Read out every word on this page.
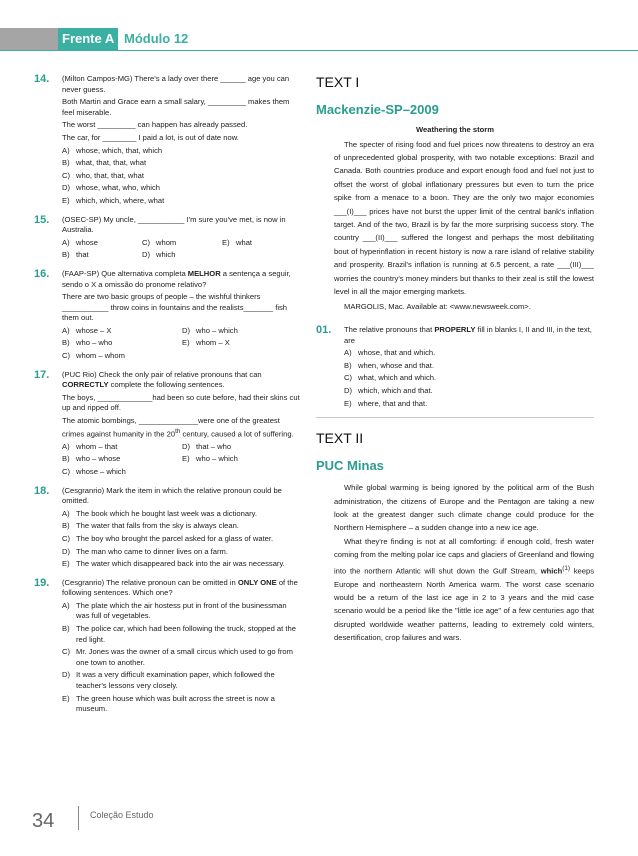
Frente A Módulo 12
14.	(Milton Campos-MG) There's a lady over there ______ age you can never guess.

Both Martin and Grace earn a small salary, _________ makes them feel miserable.

The worst _________ can happen has already passed.

The car, for ________ I paid a lot, is out of date now.

A) whose, which, that, which
B) what, that, that, what
C) who, that, that, what
D) whose, what, who, which
E) which, which, where, what
15.	(OSEC-SP) My uncle, ___________ I'm sure you've met, is now in Australia.

A) whose	C) whom	E) what
B) that	D) which
16.	(FAAP-SP) Que alternativa completa MELHOR a sentença a seguir, sendo o X a omissão do pronome relativo?

There are two basic groups of people – the wishful thinkers ___________ throw coins in fountains and the realists_______ fish them out.

A) whose – X	D) who – which
B) who – who	E) whom – X
C) whom – whom
17.	(PUC Rio) Check the only pair of relative pronouns that can CORRECTLY complete the following sentences.

The boys, _____________had been so cute before, had their skins cut up and ripped off.

The atomic bombings, ______________were one of the greatest crimes against humanity in the 20th century, caused a lot of suffering.

A) whom – that	D) that – who
B) who – whose	E) who – which
C) whose – which
18.	(Cesgranrio) Mark the item in which the relative pronoun could be omitted.

A) The book which he bought last week was a dictionary.
B) The water that falls from the sky is always clean.
C) The boy who brought the parcel asked for a glass of water.
D) The man who came to dinner lives on a farm.
E) The water which disappeared back into the air was necessary.
19.	(Cesgranrio) The relative pronoun can be omitted in ONLY ONE of the following sentences. Which one?

A) The plate which the air hostess put in front of the businessman was full of vegetables.
B) The police car, which had been following the truck, stopped at the red light.
C) Mr. Jones was the owner of a small circus which used to go from one town to another.
D) It was a very difficult examination paper, which followed the teacher's lessons very closely.
E) The green house which was built across the street is now a museum.
TEXT I
Mackenzie-SP–2009
Weathering the storm

The specter of rising food and fuel prices now threatens to destroy an era of unprecedented global prosperity, with two notable exceptions: Brazil and Canada. Both countries produce and export enough food and fuel not just to offset the worst of global inflationary pressures but even to turn the price spike from a menace to a boon. They are the only two major economies ___(I)___ prices have not burst the upper limit of the central bank's inflation target. And of the two, Brazil is by far the more surprising success story. The country ___(II)___ suffered the longest and perhaps the most debilitating bout of hyperinflation in recent history is now a rare island of relative stability and prosperity. Brazil's inflation is running at 6.5 percent, a rate ___(III)___ worries the country's money minders but thanks to their zeal is still the lowest level in all the major emerging markets.

MARGOLIS, Mac. Available at: <www.newsweek.com>.
01.	The relative pronouns that PROPERLY fill in blanks I, II and III, in the text, are

A) whose, that and which.
B) when, whose and that.
C) what, which and which.
D) which, which and that.
E) where, that and that.
TEXT II
PUC Minas

While global warming is being ignored by the political arm of the Bush administration, the citizens of Europe and the Pentagon are taking a new look at the greatest danger such climate change could produce for the Northern Hemisphere – a sudden change into a new ice age.

What they're finding is not at all comforting: if enough cold, fresh water coming from the melting polar ice caps and glaciers of Greenland and flowing into the northern Atlantic will shut down the Gulf Stream, which$^{(1)}$ keeps Europe and northeastern North America warm. The worst case scenario would be a return of the last ice age in 2 to 3 years and the mid case scenario would be a period like the "little ice age" of a few centuries ago that disrupted worldwide weather patterns, leading to extremely cold winters, desertification, crop failures and wars.

34	Coleção Estudo
